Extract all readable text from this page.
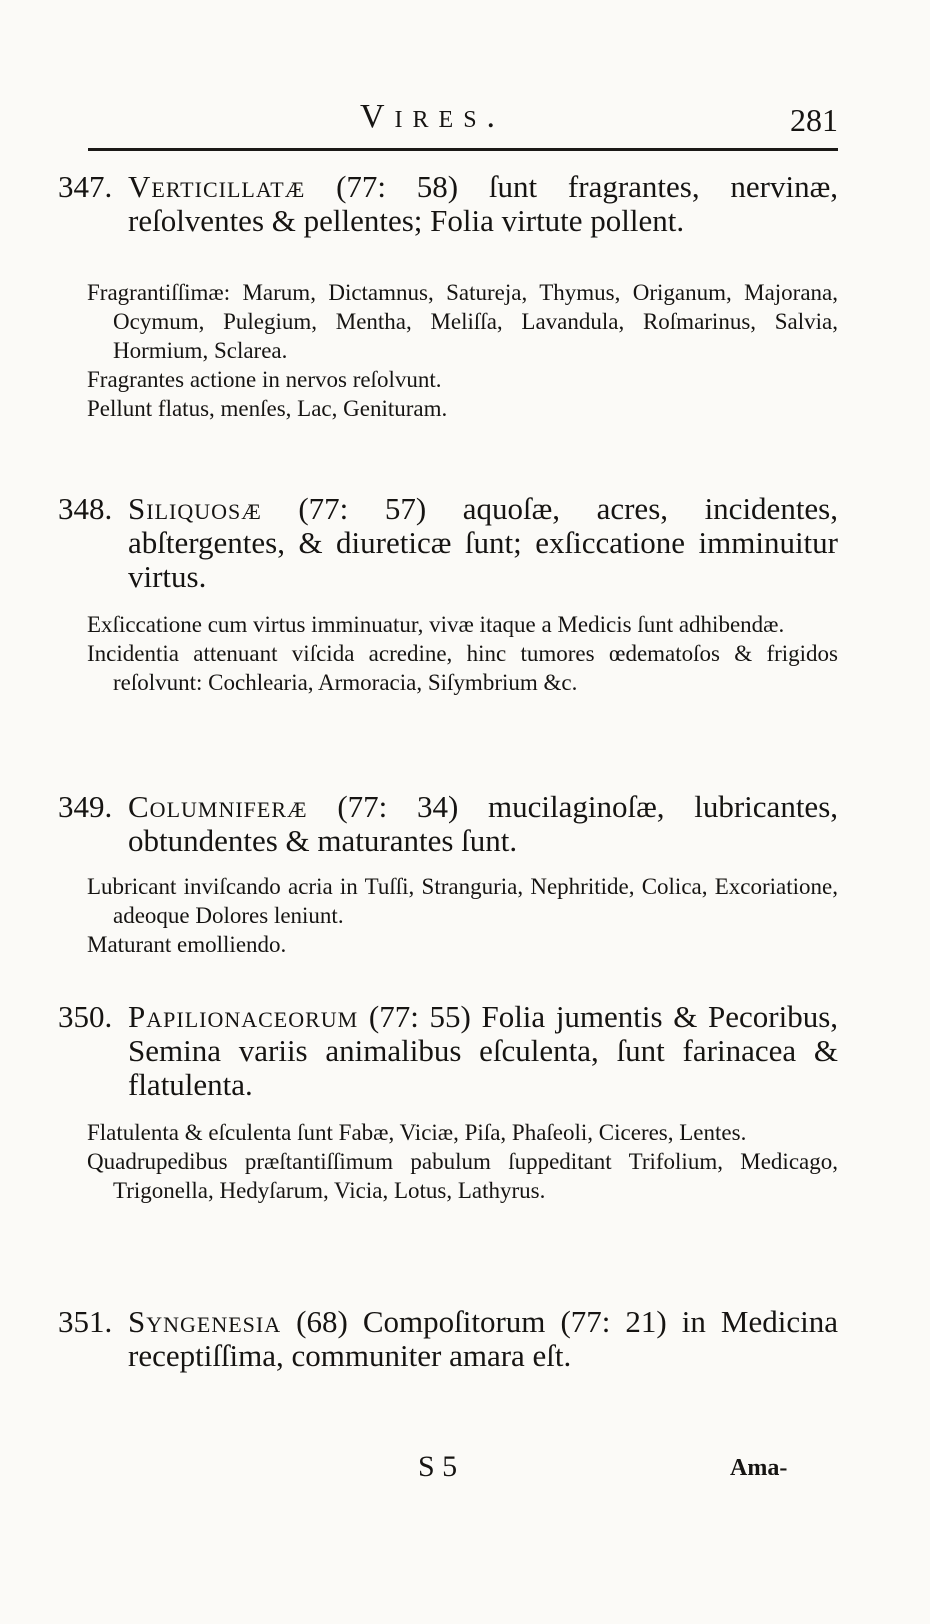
Vires.	281
347. Verticillatæ (77: 58) ſunt fragrantes, nervinæ, reſolventes & pellentes; Folia virtute pollent.
Fragrantiſſimæ: Marum, Dictamnus, Satureja, Thymus, Origanum, Majorana, Ocymum, Pulegium, Mentha, Meliſſa, Lavandula, Roſmarinus, Salvia, Hormium, Sclarea.
Fragrantes actione in nervos reſolvunt.
Pellunt flatus, menſes, Lac, Genituram.
348. Siliquosæ (77: 57) aquoſæ, acres, incidentes, abſtergentes, & diureticæ ſunt; exſiccatione imminuitur virtus.
Exſiccatione cum virtus imminuatur, vivæ itaque a Medicis ſunt adhibendæ.
Incidentia attenuant viſcida acredine, hinc tumores œdematoſos & frigidos reſolvunt: Cochlearia, Armoracia, Siſymbrium &c.
349. Columniferæ (77: 34) mucilaginoſæ, lubricantes, obtundentes & maturantes ſunt.
Lubricant inviſcando acria in Tuſſi, Stranguria, Nephritide, Colica, Excoriatione, adeoque Dolores leniunt.
Maturant emolliendo.
350. Papilionaceorum (77: 55) Folia jumentis & Pecoribus, Semina variis animalibus eſculenta, ſunt farinacea & flatulenta.
Flatulenta & eſculenta ſunt Fabæ, Viciæ, Piſa, Phaſeoli, Ciceres, Lentes.
Quadrupedibus præſtantiſſimum pabulum ſuppeditant Trifolium, Medicago, Trigonella, Hedyſarum, Vicia, Lotus, Lathyrus.
351. Syngenesia (68) Compoſitorum (77: 21) in Medicina receptiſſima, communiter amara eſt.
S 5	Ama-
